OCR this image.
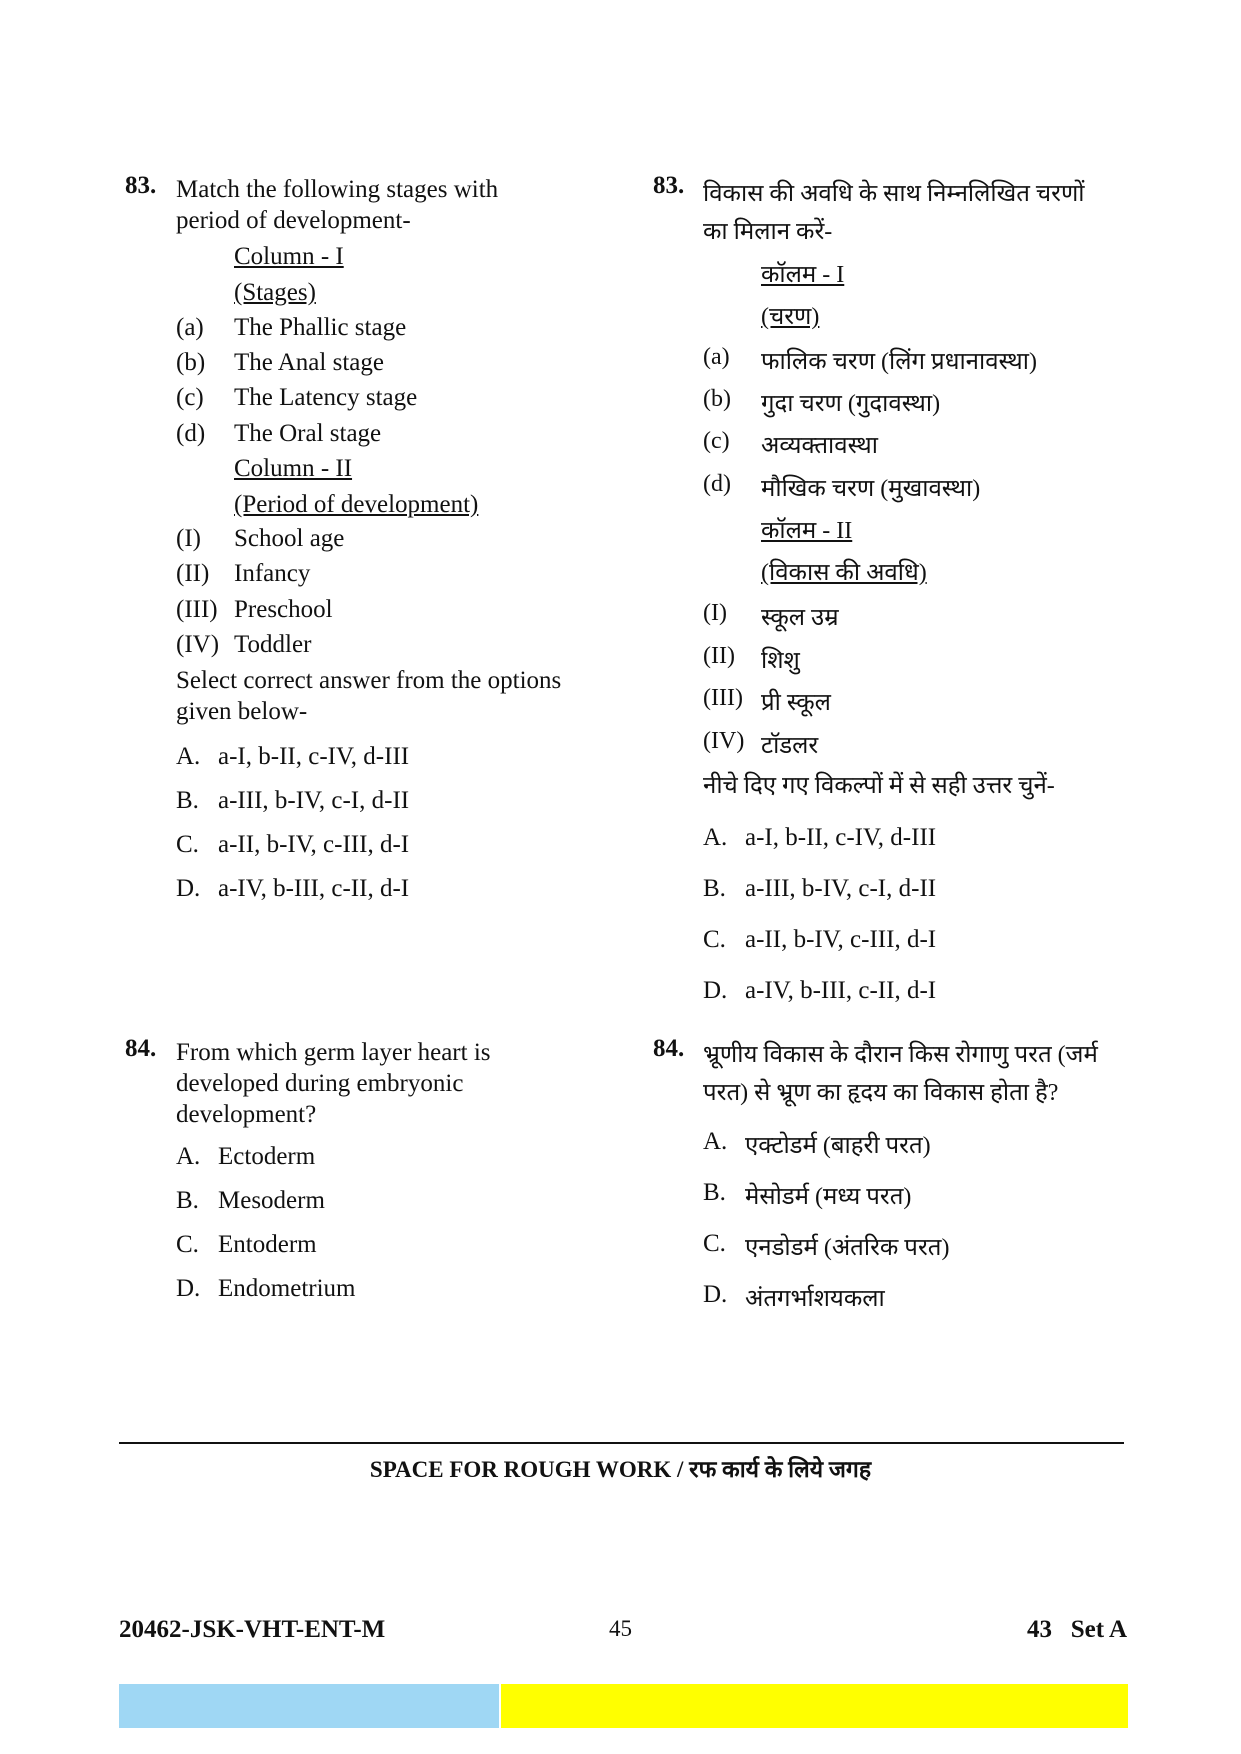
83. Match the following stages with
period of development-
Column - I
(Stages)
(a) The Phallic stage
(b) The Anal stage
(c) The Latency stage
(d) The Oral stage
Column - II
(Period of development)
(I) School age
(II) Infancy
(III) Preschool
(IV) Toddler
Select correct answer from the options
given below-
A. a-I, b-II, c-IV, d-III
B. a-III, b-IV, c-I, d-II
C. a-II, b-IV, c-III, d-I
D. a-IV, b-III, c-II, d-I
83. विकास की अवधि के साथ निम्नलिखित चरणों
का मिलान करें-
कॉलम - I
(चरण)
(a) फालिक चरण (लिंग प्रधानावस्था)
(b) गुदा चरण (गुदावस्था)
(c) अव्यक्तावस्था
(d) मौखिक चरण (मुखावस्था)
कॉलम - II
(विकास की अवधि)
(I) स्कूल उम्र
(II) शिशु
(III) प्री स्कूल
(IV) टॉडलर
नीचे दिए गए विकल्पों में से सही उत्तर चुनें-
A. a-I, b-II, c-IV, d-III
B. a-III, b-IV, c-I, d-II
C. a-II, b-IV, c-III, d-I
D. a-IV, b-III, c-II, d-I
84. From which germ layer heart is
developed during embryonic
development?
A. Ectoderm
B. Mesoderm
C. Entoderm
D. Endometrium
84. भ्रूणीय विकास के दौरान किस रोगाणु परत (जर्म
परत) से भ्रूण का हृदय का विकास होता है?
A. एक्टोडर्म (बाहरी परत)
B. मेसोडर्म (मध्य परत)
C. एनडोडर्म (अंतरिक परत)
D. अंतगर्भाशयकला
SPACE FOR ROUGH WORK / रफ कार्य के लिये जगह
20462-JSK-VHT-ENT-M	45	43   Set A
